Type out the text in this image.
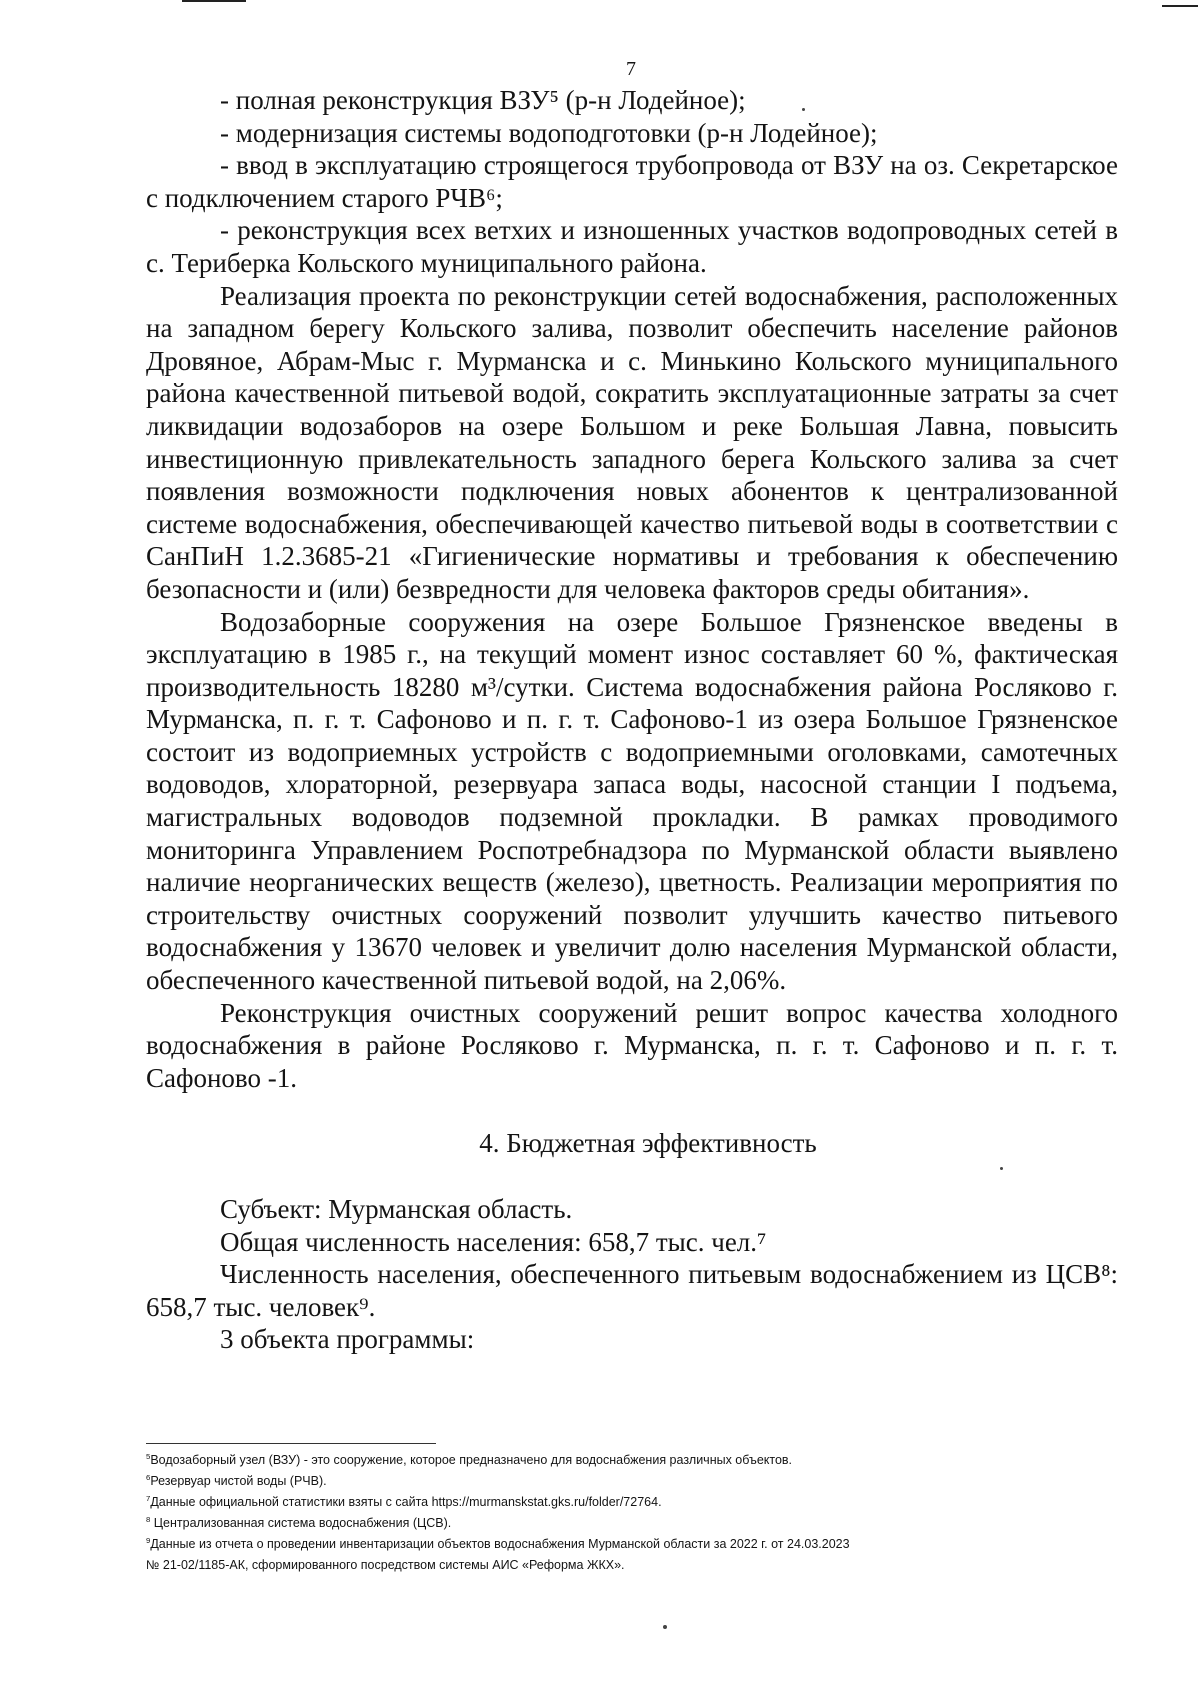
7

- полная реконструкция ВЗУ⁵ (р-н Лодейное);

- модернизация системы водоподготовки (р-н Лодейное);

- ввод в эксплуатацию строящегося трубопровода от ВЗУ на оз. Секретарское с подключением старого РЧВ⁶;

- реконструкция всех ветхих и изношенных участков водопроводных сетей в с. Териберка Кольского муниципального района.

Реализация проекта по реконструкции сетей водоснабжения, расположенных на западном берегу Кольского залива, позволит обеспечить население районов Дровяное, Абрам-Мыс г. Мурманска и с. Минькино Кольского муниципального района качественной питьевой водой, сократить эксплуатационные затраты за счет ликвидации водозаборов на озере Большом и реке Большая Лавна, повысить инвестиционную привлекательность западного берега Кольского залива за счет появления возможности подключения новых абонентов к централизованной системе водоснабжения, обеспечивающей качество питьевой воды в соответствии с СанПиН 1.2.3685-21 «Гигиенические нормативы и требования к обеспечению безопасности и (или) безвредности для человека факторов среды обитания».

Водозаборные сооружения на озере Большое Грязненское введены в эксплуатацию в 1985 г., на текущий момент износ составляет 60 %, фактическая производительность 18280 м³/сутки. Система водоснабжения района Росляково г. Мурманска, п. г. т. Сафоново и п. г. т. Сафоново-1 из озера Большое Грязненское состоит из водоприемных устройств с водоприемными оголовками, самотечных водоводов, хлораторной, резервуара запаса воды, насосной станции I подъема, магистральных водоводов подземной прокладки. В рамках проводимого мониторинга Управлением Роспотребнадзора по Мурманской области выявлено наличие неорганических веществ (железо), цветность. Реализации мероприятия по строительству очистных сооружений позволит улучшить качество питьевого водоснабжения у 13670 человек и увеличит долю населения Мурманской области, обеспеченного качественной питьевой водой, на 2,06%.

Реконструкция очистных сооружений решит вопрос качества холодного водоснабжения в районе Росляково г. Мурманска, п. г. т. Сафоново и п. г. т. Сафоново -1.

4. Бюджетная эффективность

Субъект: Мурманская область.

Общая численность населения: 658,7 тыс. чел.⁷

Численность населения, обеспеченного питьевым водоснабжением из ЦСВ⁸: 658,7 тыс. человек⁹.

3 объекта программы:

$^5$Водозаборный узел (ВЗУ) - это сооружение, которое предназначено для водоснабжения различных объектов.

$^6$Резервуар чистой воды (РЧВ).

$^7$Данные официальной статистики взяты с сайта https://murmanskstat.gks.ru/folder/72764.

$^8$ Централизованная система водоснабжения (ЦСВ).

$^9$Данные из отчета о проведении инвентаризации объектов водоснабжения Мурманской области за 2022 г. от 24.03.2023

№ 21-02/1185-АК, сформированного посредством системы АИС «Реформа ЖКХ».
